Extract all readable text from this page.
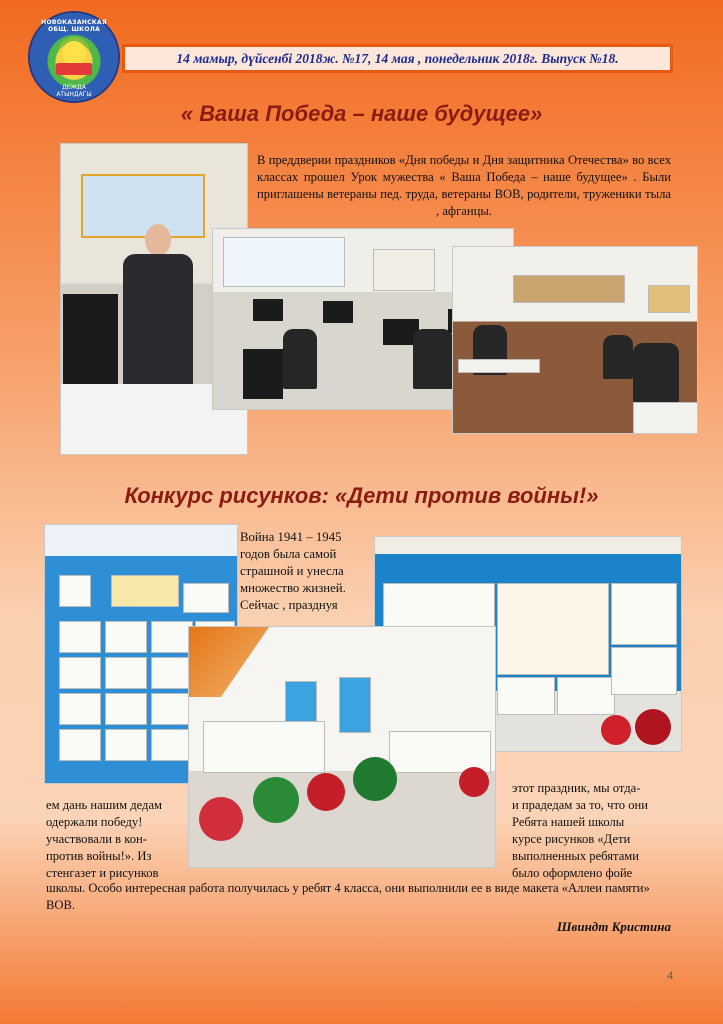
НОВОКАЗАНСКАЯ ОБЩ. ШКОЛА
ДЕЖДА АТЫНДАГЫ
14 мамыр, дүйсенбі 2018ж. №17, 14 мая , понедельник 2018г. Выпуск №18.
« Ваша Победа – наше будущее»
В преддверии праздников «Дня победы и Дня защитника Отечества» во всех классах прошел Урок мужества « Ваша Победа – наше будущее» . Были приглашены ветераны пед. труда, ветераны ВОВ, родители, труженики тыла , афганцы.
Конкурс рисунков: «Дети против войны!»
Война 1941 – 1945 годов была самой страшной и унесла множество жизней. Сейчас , празднуя
этот праздник, мы отда-
и прадедам за то, что они
Ребята нашей школы
курсе рисунков «Дети
выполненных ребятами
было оформлено фойе
ем дань нашим дедам
одержали победу!
участвовали в кон-
против войны!». Из
стенгазет и рисунков
школы. Особо интересная работа получилась у ребят 4 класса, они выполнили ее в виде макета «Аллеи памяти» ВОВ.
Швиндт Кристина
4
